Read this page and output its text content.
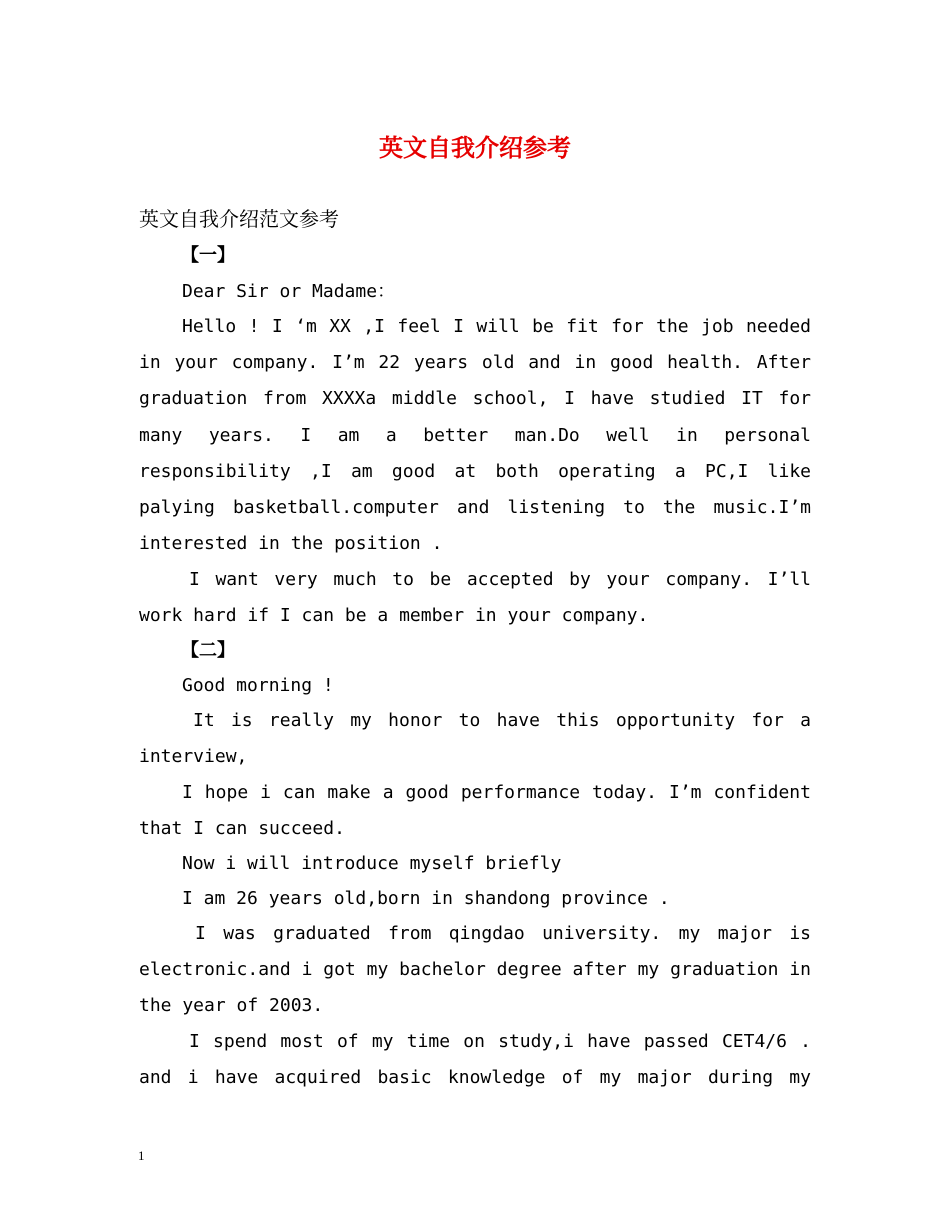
英文自我介绍参考
英文自我介绍范文参考
【一】
Dear Sir or Madame：
Hello ! I ‘m XX ,I feel I will be fit for the job needed
in your company. I’m 22 years old and in good health. After
graduation from XXXXa middle school, I have studied IT for
many years. I am a better man.Do well in personal
responsibility ,I am good at both operating a PC,I like
palying basketball.computer and listening to the music.I’m
interested in the position .
I want very much to be accepted by your company. I’ll
work hard if I can be a member in your company.
【二】
Good morning !
It is really my honor to have this opportunity for a
interview,
I hope i can make a good performance today. I’m confident
that I can succeed.
Now i will introduce myself briefly
I am 26 years old,born in shandong province .
I was graduated from qingdao university. my major is
electronic.and i got my bachelor degree after my graduation in
the year of 2003.
I spend most of my time on study,i have passed CET4/6 .
and i have acquired basic knowledge of my major during my
1
